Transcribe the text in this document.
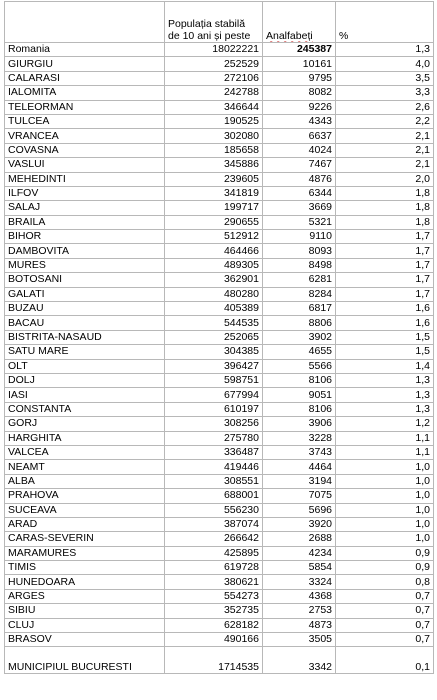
	Populația stabilă de 10 ani și peste	Analfabeți	%
Romania	18022221	245387	1,3
GIURGIU	252529	10161	4,0
CALARASI	272106	9795	3,5
IALOMITA	242788	8082	3,3
TELEORMAN	346644	9226	2,6
TULCEA	190525	4343	2,2
VRANCEA	302080	6637	2,1
COVASNA	185658	4024	2,1
VASLUI	345886	7467	2,1
MEHEDINTI	239605	4876	2,0
ILFOV	341819	6344	1,8
SALAJ	199717	3669	1,8
BRAILA	290655	5321	1,8
BIHOR	512912	9110	1,7
DAMBOVITA	464466	8093	1,7
MURES	489305	8498	1,7
BOTOSANI	362901	6281	1,7
GALATI	480280	8284	1,7
BUZAU	405389	6817	1,6
BACAU	544535	8806	1,6
BISTRITA-NASAUD	252065	3902	1,5
SATU MARE	304385	4655	1,5
OLT	396427	5566	1,4
DOLJ	598751	8106	1,3
IASI	677994	9051	1,3
CONSTANTA	610197	8106	1,3
GORJ	308256	3906	1,2
HARGHITA	275780	3228	1,1
VALCEA	336487	3743	1,1
NEAMT	419446	4464	1,0
ALBA	308551	3194	1,0
PRAHOVA	688001	7075	1,0
SUCEAVA	556230	5696	1,0
ARAD	387074	3920	1,0
CARAS-SEVERIN	266642	2688	1,0
MARAMURES	425895	4234	0,9
TIMIS	619728	5854	0,9
HUNEDOARA	380621	3324	0,8
ARGES	554273	4368	0,7
SIBIU	352735	2753	0,7
CLUJ	628182	4873	0,7
BRASOV	490166	3505	0,7
MUNICIPIUL BUCURESTI	1714535	3342	0,1
